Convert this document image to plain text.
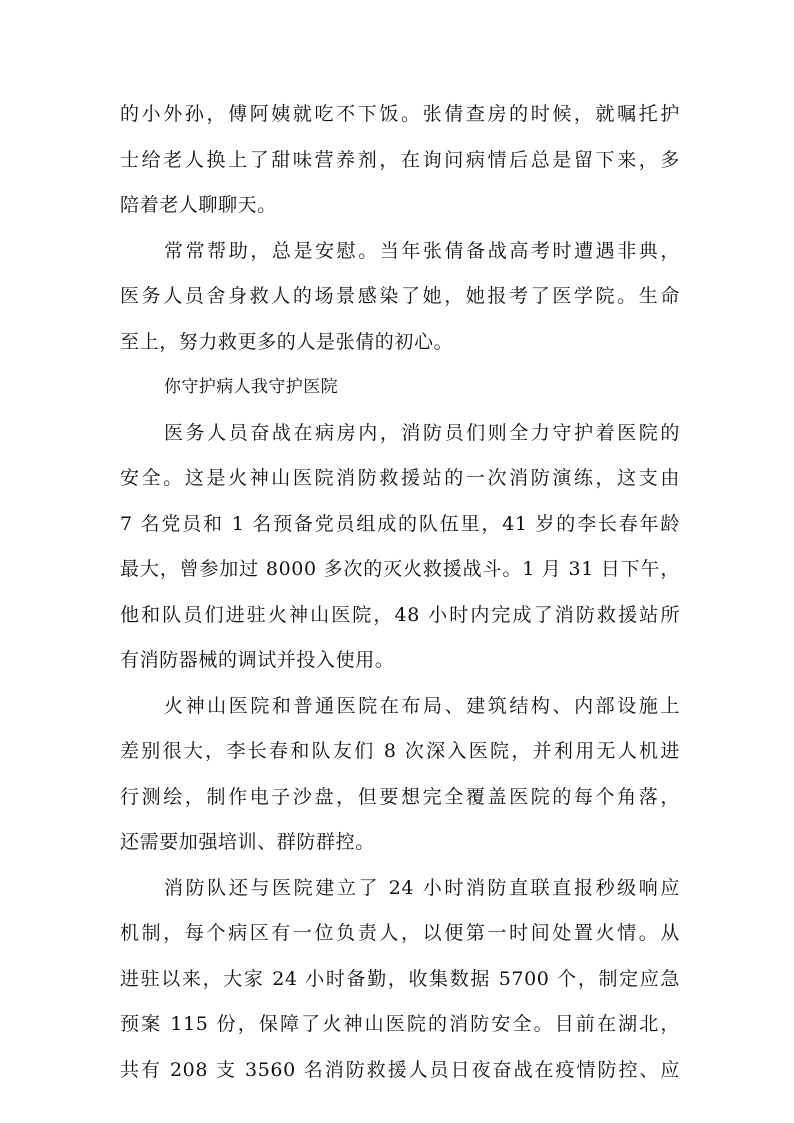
的小外孙，傅阿姨就吃不下饭。张倩查房的时候，就嘱托护
士给老人换上了甜味营养剂，在询问病情后总是留下来，多
陪着老人聊聊天。
常常帮助，总是安慰。当年张倩备战高考时遭遇非典，
医务人员舍身救人的场景感染了她，她报考了医学院。生命
至上，努力救更多的人是张倩的初心。
你守护病人我守护医院
医务人员奋战在病房内，消防员们则全力守护着医院的
安全。这是火神山医院消防救援站的一次消防演练，这支由
7 名党员和 1 名预备党员组成的队伍里，41 岁的李长春年龄
最大，曾参加过 8000 多次的灭火救援战斗。1 月 31 日下午，
他和队员们进驻火神山医院，48 小时内完成了消防救援站所
有消防器械的调试并投入使用。
火神山医院和普通医院在布局、建筑结构、内部设施上
差别很大，李长春和队友们 8 次深入医院，并利用无人机进
行测绘，制作电子沙盘，但要想完全覆盖医院的每个角落，
还需要加强培训、群防群控。
消防队还与医院建立了 24 小时消防直联直报秒级响应
机制，每个病区有一位负责人，以便第一时间处置火情。从
进驻以来，大家 24 小时备勤，收集数据 5700 个，制定应急
预案 115 份，保障了火神山医院的消防安全。目前在湖北，
共有 208 支 3560 名消防救援人员日夜奋战在疫情防控、应
